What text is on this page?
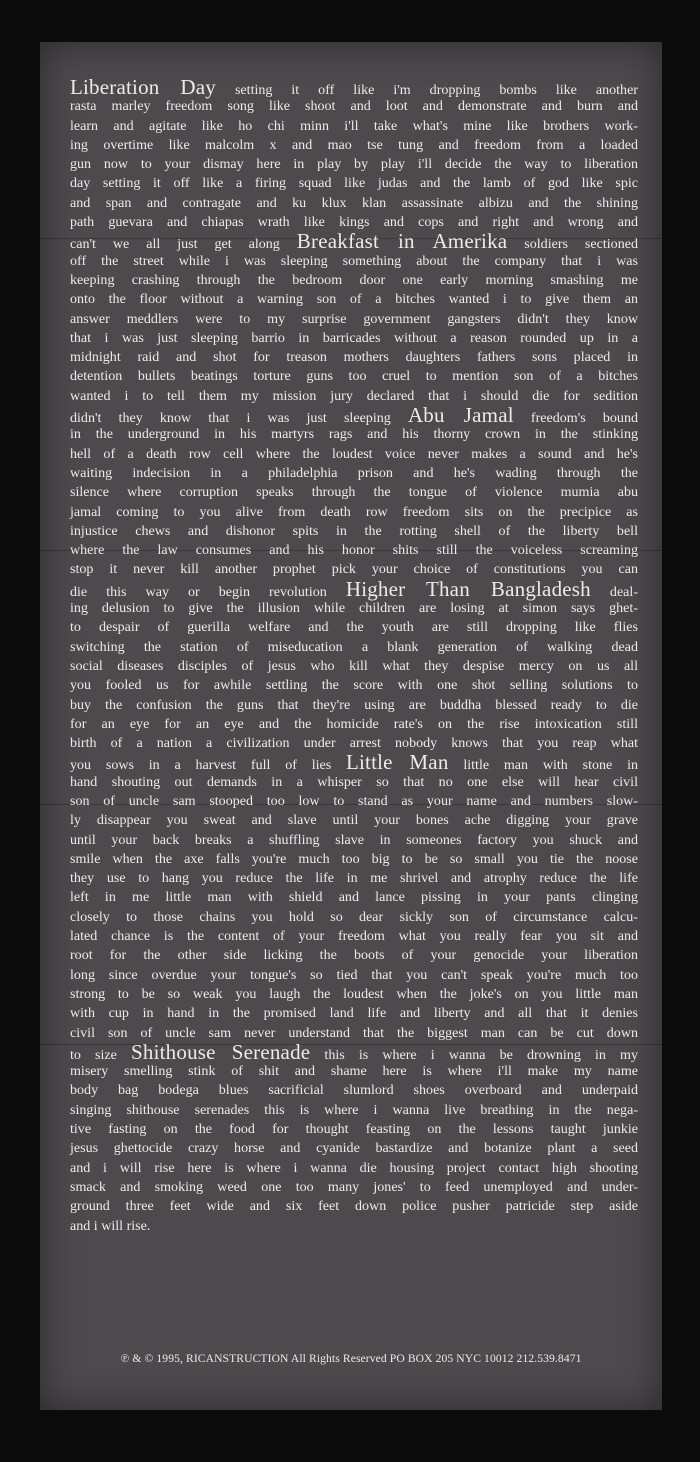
Liberation Day setting it off like i'm dropping bombs like another
rasta marley freedom song like shoot and loot and demonstrate and burn and
learn and agitate like ho chi minn i'll take what's mine like brothers work-
ing overtime like malcolm x and mao tse tung and freedom from a loaded
gun now to your dismay here in play by play i'll decide the way to liberation
day setting it off like a firing squad like judas and the lamb of god like spic
and span and contragate and ku klux klan assassinate albizu and the shining
path guevara and chiapas wrath like kings and cops and right and wrong and
can't we all just get along Breakfast in Amerika soldiers sectioned
off the street while i was sleeping something about the company that i was
keeping crashing through the bedroom door one early morning smashing me
onto the floor without a warning son of a bitches wanted i to give them an
answer meddlers were to my surprise government gangsters didn't they know
that i was just sleeping barrio in barricades without a reason rounded up in a
midnight raid and shot for treason mothers daughters fathers sons placed in
detention bullets beatings torture guns too cruel to mention son of a bitches
wanted i to tell them my mission jury declared that i should die for sedition
didn't they know that i was just sleeping Abu Jamal freedom's bound
in the underground in his martyrs rags and his thorny crown in the stinking
hell of a death row cell where the loudest voice never makes a sound and he's
waiting indecision in a philadelphia prison and he's wading through the
silence where corruption speaks through the tongue of violence mumia abu
jamal coming to you alive from death row freedom sits on the precipice as
injustice chews and dishonor spits in the rotting shell of the liberty bell
where the law consumes and his honor shits still the voiceless screaming
stop it never kill another prophet pick your choice of constitutions you can
die this way or begin revolution Higher Than Bangladesh deal-
ing delusion to give the illusion while children are losing at simon says ghet-
to despair of guerilla welfare and the youth are still dropping like flies
switching the station of miseducation a blank generation of walking dead
social diseases disciples of jesus who kill what they despise mercy on us all
you fooled us for awhile settling the score with one shot selling solutions to
buy the confusion the guns that they're using are buddha blessed ready to die
for an eye for an eye and the homicide rate's on the rise intoxication still
birth of a nation a civilization under arrest nobody knows that you reap what
you sows in a harvest full of lies Little Man little man with stone in
hand shouting out demands in a whisper so that no one else will hear civil
son of uncle sam stooped too low to stand as your name and numbers slow-
ly disappear you sweat and slave until your bones ache digging your grave
until your back breaks a shuffling slave in someones factory you shuck and
smile when the axe falls you're much too big to be so small you tie the noose
they use to hang you reduce the life in me shrivel and atrophy reduce the life
left in me little man with shield and lance pissing in your pants clinging
closely to those chains you hold so dear sickly son of circumstance calcu-
lated chance is the content of your freedom what you really fear you sit and
root for the other side licking the boots of your genocide your liberation
long since overdue your tongue's so tied that you can't speak you're much too
strong to be so weak you laugh the loudest when the joke's on you little man
with cup in hand in the promised land life and liberty and all that it denies
civil son of uncle sam never understand that the biggest man can be cut down
to size Shithouse Serenade this is where i wanna be drowning in my
misery smelling stink of shit and shame here is where i'll make my name
body bag bodega blues sacrificial slumlord shoes overboard and underpaid
singing shithouse serenades this is where i wanna live breathing in the nega-
tive fasting on the food for thought feasting on the lessons taught junkie
jesus ghettocide crazy horse and cyanide bastardize and botanize plant a seed
and i will rise here is where i wanna die housing project contact high shooting
smack and smoking weed one too many jones' to feed unemployed and under-
ground three feet wide and six feet down police pusher patricide step aside
and i will rise.
℗ & © 1995, RICANSTRUCTION All Rights Reserved PO BOX 205 NYC 10012 212.539.8471
